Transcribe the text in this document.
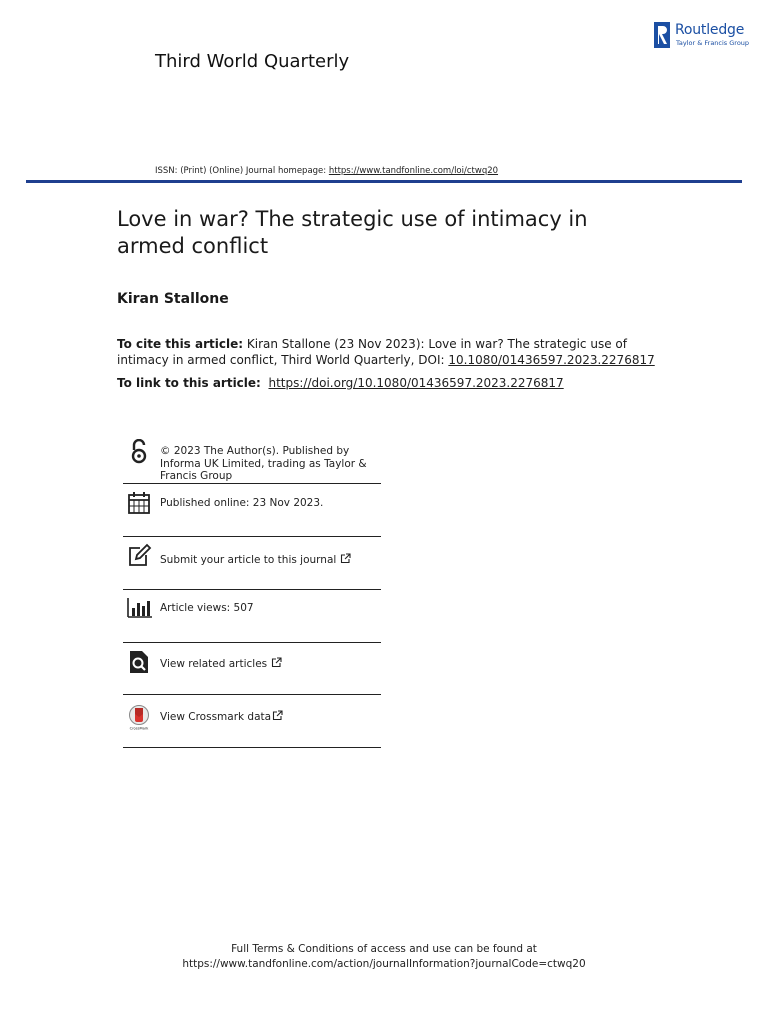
Routledge
Taylor & Francis Group
Third World Quarterly
ISSN: (Print) (Online) Journal homepage: https://www.tandfonline.com/loi/ctwq20
Love in war? The strategic use of intimacy in armed conflict
Kiran Stallone
To cite this article: Kiran Stallone (23 Nov 2023): Love in war? The strategic use of intimacy in armed conflict, Third World Quarterly, DOI: 10.1080/01436597.2023.2276817
To link to this article: https://doi.org/10.1080/01436597.2023.2276817
© 2023 The Author(s). Published by Informa UK Limited, trading as Taylor & Francis Group
Published online: 23 Nov 2023.
Submit your article to this journal
Article views: 507
View related articles
CrossMark
View Crossmark data
Full Terms & Conditions of access and use can be found at
https://www.tandfonline.com/action/journalInformation?journalCode=ctwq20
